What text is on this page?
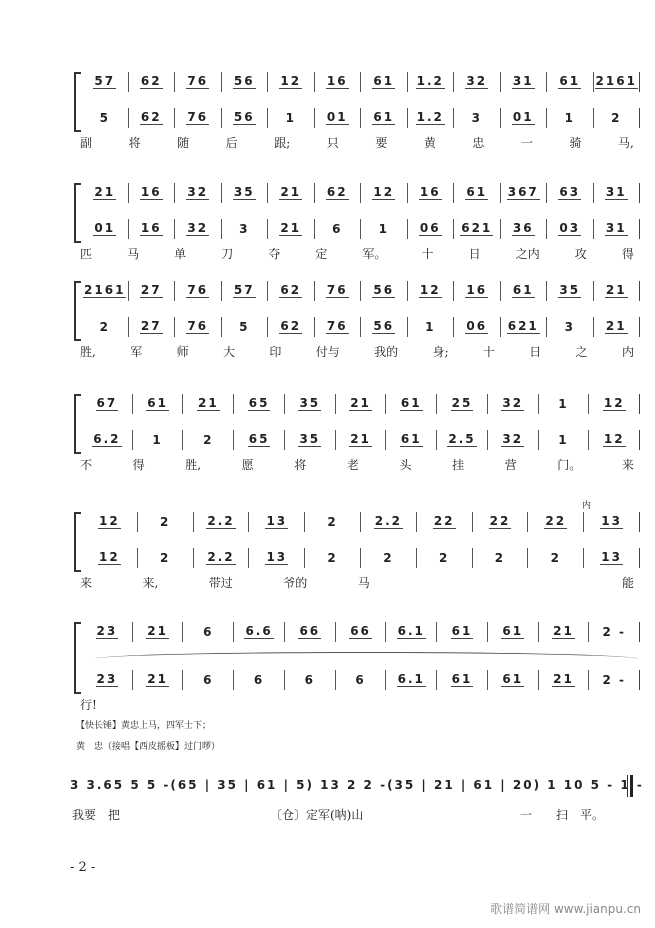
57 62 76 56 12 16 61 1.2 32 31 61 2161
5	62 76 56	1	01 61 1.2 3	01	1	2
副	将	随	后	跟;	只	要	黄	忠	一	骑	马,
21 16 32 35 21 62 12 16 61 367 63 31
01 16 32	3	21	6	1	06 621 36 03 31
匹	马	单	刀	夺	定	军。	十	日	之内	攻	得
2161 27 76 57 62 76 56 12 16 61 35 21
2	27 76	5	62 76 56	1	06 621 3	21
胜,	军	师	大	印	付与	我的	身;	十	日	之	内
67	61	21	65	35	21	61	25	32	1	12
6.2	1	2	65	35	21	61 2.5 32	1	12
不	得	胜,	愿	将	老	头	挂	营	门。	来
12	2	2.2	13	2	2.2	22	22	22	13
12	2	2.2	13	2	2	2	2	2	13
内
来	来,	带过	爷的	马	能
23	21	6	6.6 66	66 6.1 61	61	21 2 -
23	21	6	6	6	6	6.1 61	61	21 2 -
行!
【快长锤】黄忠上马，四军士下；
黄　忠（接唱【西皮摇板】过门啰）
3 3.65 5 5 -(65 | 35 | 61 | 5) 13 2 2 -(35 | 21 | 61 | 20) 1 10 5 - 1 -
我要　把	〔仓〕定军(呐)山	一　　扫　平。
- 2 -
歌谱简谱网 www.jianpu.cn
